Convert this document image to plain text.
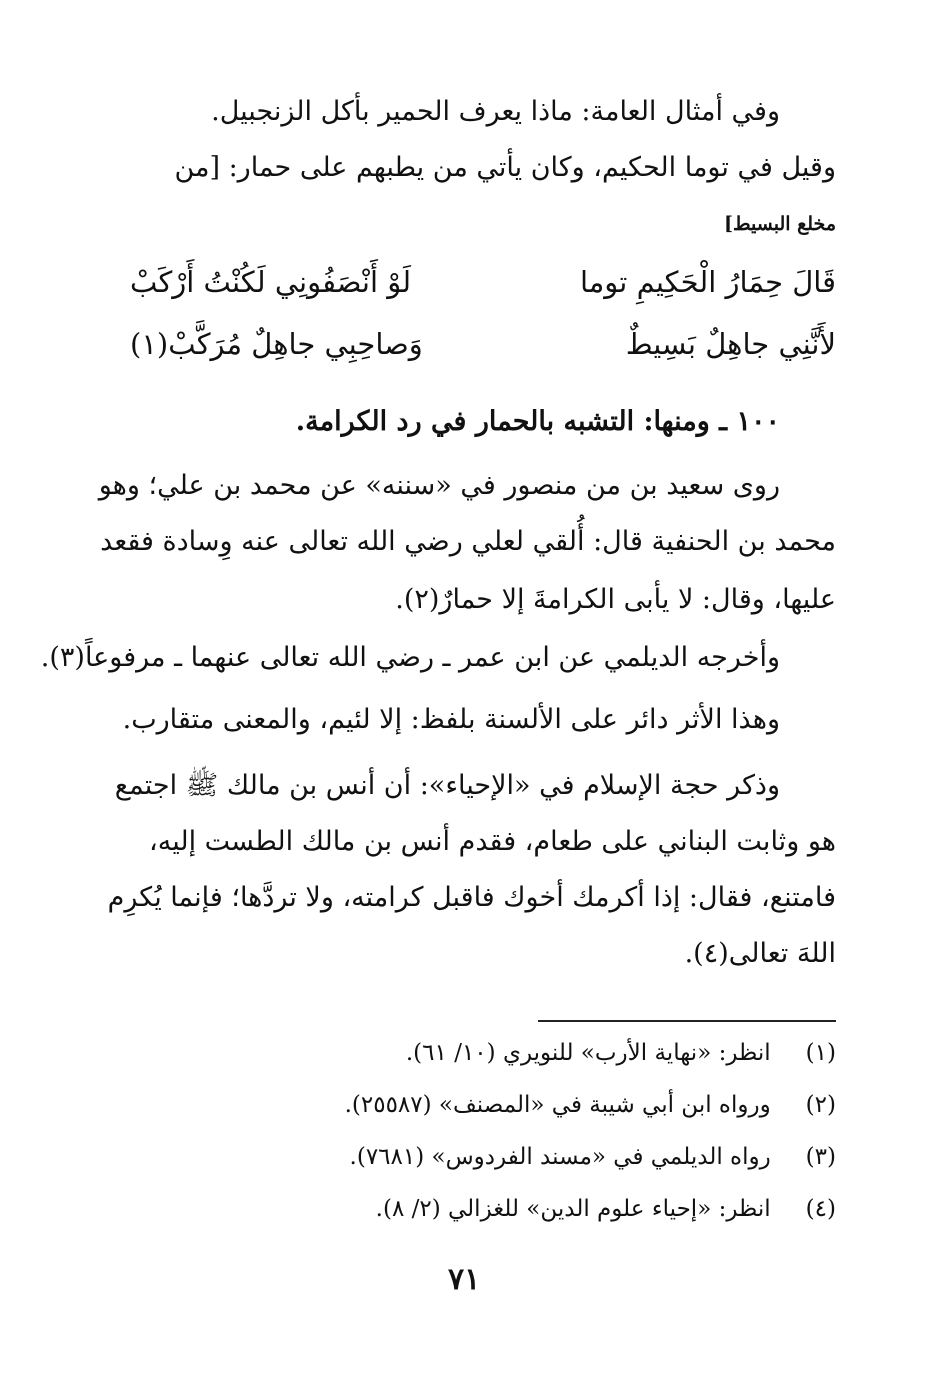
وفي أمثال العامة: ماذا يعرف الحمير بأكل الزنجبيل.
وقيل في توما الحكيم، وكان يأتي من يطبهم على حمار: [من
مخلع البسيط]
قَالَ حِمَارُ الْحَكِيمِ توما
لَوْ أَنْصَفُونِي لَكُنْتُ أَرْكَبْ
لأَنَّنِي جاهِلٌ بَسِيطٌ
وَصاحِبِي جاهِلٌ مُرَكَّبْ(١)
١٠٠ ـ ومنها: التشبه بالحمار في رد الكرامة.
روى سعيد بن من منصور في «سننه» عن محمد بن علي؛ وهو
محمد بن الحنفية قال: أُلقي لعلي رضي الله تعالى عنه وِسادة فقعد
عليها، وقال: لا يأبى الكرامةَ إلا حمارٌ(٢).
وأخرجه الديلمي عن ابن عمر ـ رضي الله تعالى عنهما ـ مرفوعاً(٣).
وهذا الأثر دائر على الألسنة بلفظ: إلا لئيم، والمعنى متقارب.
وذكر حجة الإسلام في «الإحياء»: أن أنس بن مالك ﷺ اجتمع
هو وثابت البناني على طعام، فقدم أنس بن مالك الطست إليه،
فامتنع، فقال: إذا أكرمك أخوك فاقبل كرامته، ولا تردَّها؛ فإنما يُكرِم
اللهَ تعالى(٤).
(١) انظر: «نهاية الأرب» للنويري (١٠/ ٦١).
(٢) ورواه ابن أبي شيبة في «المصنف» (٢٥٥٨٧).
(٣) رواه الديلمي في «مسند الفردوس» (٧٦٨١).
(٤) انظر: «إحياء علوم الدين» للغزالي (٢/ ٨).
٧١
